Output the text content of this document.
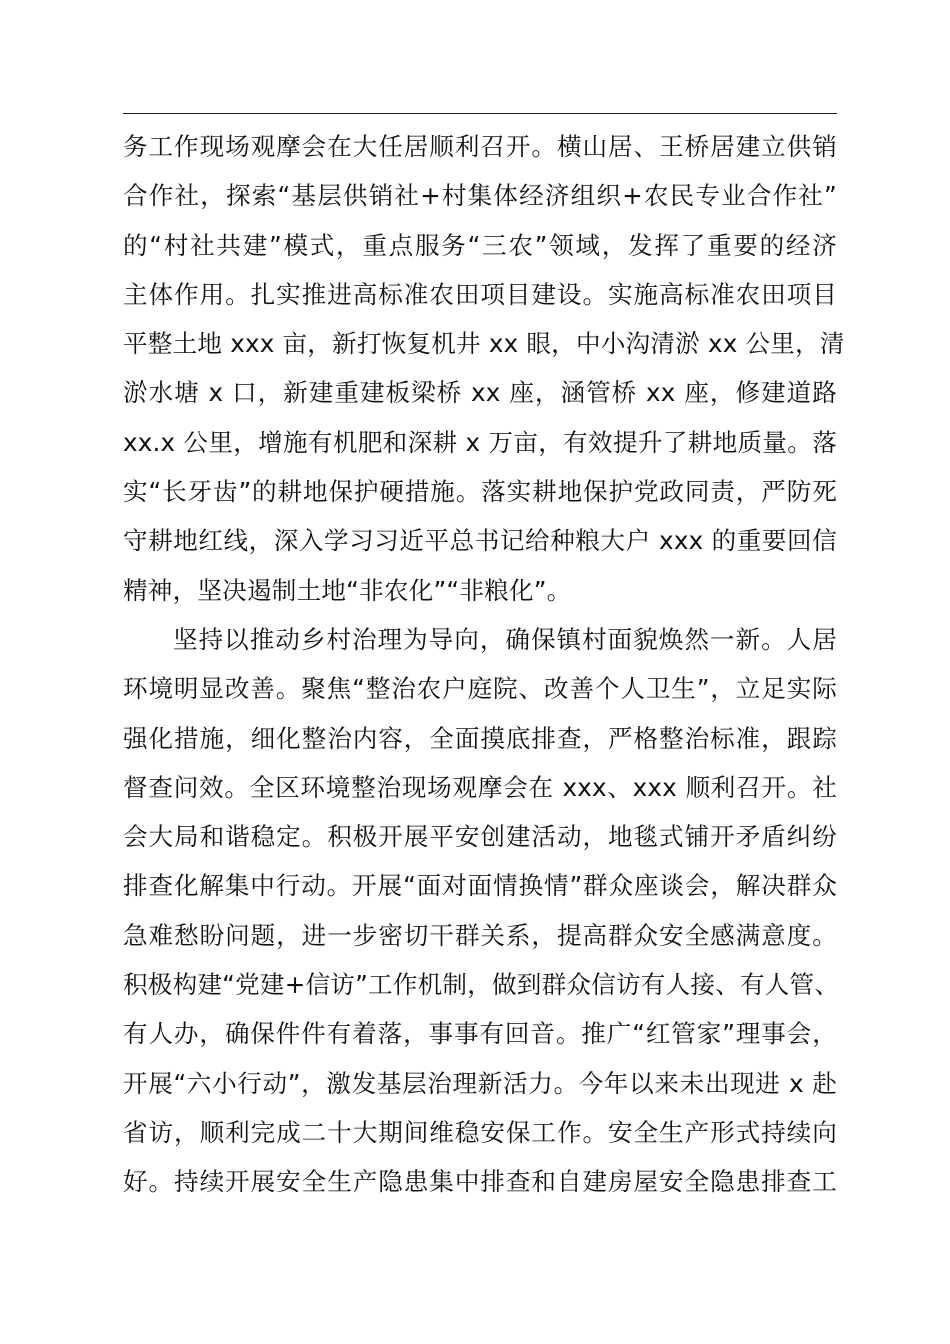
务工作现场观摩会在大任居顺利召开。横山居、王桥居建立供销
合作社，探索“基层供销社+村集体经济组织+农民专业合作社”
的“村社共建”模式，重点服务“三农”领域，发挥了重要的经济
主体作用。扎实推进高标准农田项目建设。实施高标准农田项目
平整土地 xxx 亩，新打恢复机井 xx 眼，中小沟清淤 xx 公里，清
淤水塘 x 口，新建重建板梁桥 xx 座，涵管桥 xx 座，修建道路
xx.x 公里，增施有机肥和深耕 x 万亩，有效提升了耕地质量。落
实“长牙齿”的耕地保护硬措施。落实耕地保护党政同责，严防死
守耕地红线，深入学习习近平总书记给种粮大户 xxx 的重要回信
精神，坚决遏制土地“非农化”“非粮化”。

坚持以推动乡村治理为导向，确保镇村面貌焕然一新。人居
环境明显改善。聚焦“整治农户庭院、改善个人卫生”，立足实际
强化措施，细化整治内容，全面摸底排查，严格整治标准，跟踪
督查问效。全区环境整治现场观摩会在 xxx、xxx 顺利召开。社
会大局和谐稳定。积极开展平安创建活动，地毯式铺开矛盾纠纷
排查化解集中行动。开展“面对面情换情”群众座谈会，解决群众
急难愁盼问题，进一步密切干群关系，提高群众安全感满意度。
积极构建“党建+信访”工作机制，做到群众信访有人接、有人管、
有人办，确保件件有着落，事事有回音。推广“红管家”理事会，
开展“六小行动”，激发基层治理新活力。今年以来未出现进 x 赴
省访，顺利完成二十大期间维稳安保工作。安全生产形式持续向
好。持续开展安全生产隐患集中排查和自建房屋安全隐患排查工
